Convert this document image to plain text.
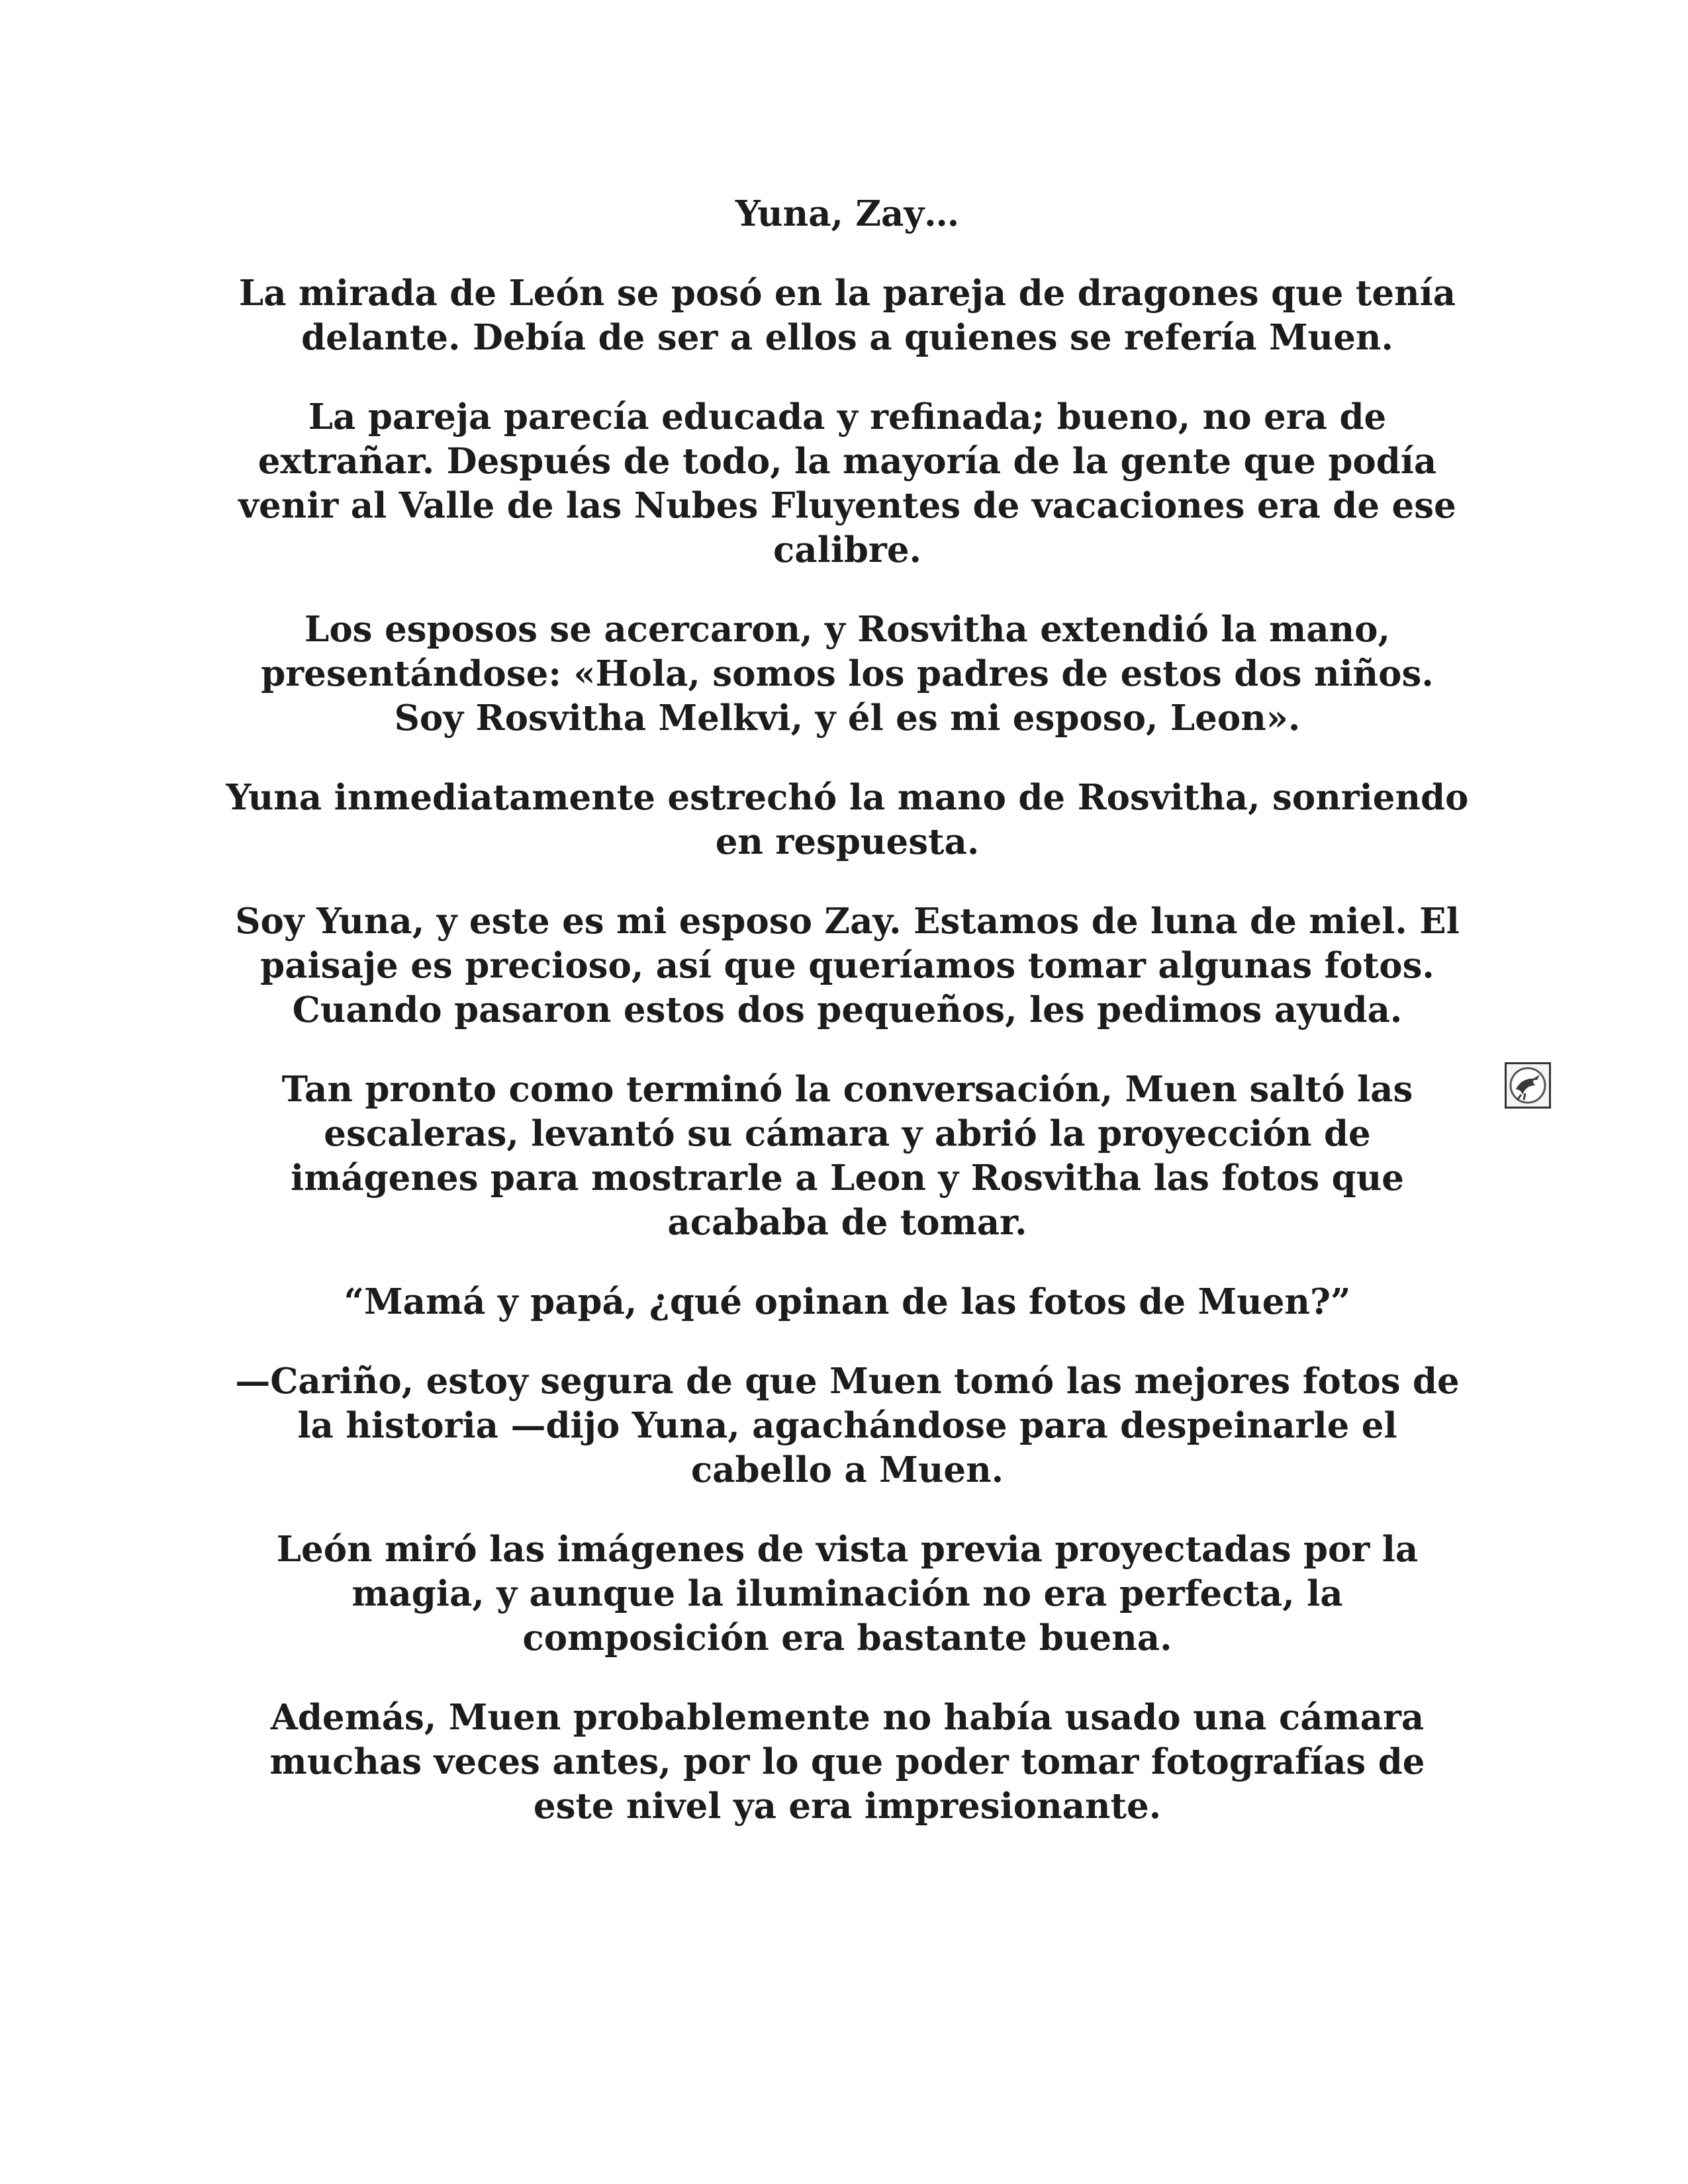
Yuna, Zay…

La mirada de León se posó en la pareja de dragones que tenía delante. Debía de ser a ellos a quienes se refería Muen.

La pareja parecía educada y refinada; bueno, no era de extrañar. Después de todo, la mayoría de la gente que podía venir al Valle de las Nubes Fluyentes de vacaciones era de ese calibre.

Los esposos se acercaron, y Rosvitha extendió la mano, presentándose: «Hola, somos los padres de estos dos niños. Soy Rosvitha Melkvi, y él es mi esposo, Leon».

Yuna inmediatamente estrechó la mano de Rosvitha, sonriendo en respuesta.

Soy Yuna, y este es mi esposo Zay. Estamos de luna de miel. El paisaje es precioso, así que queríamos tomar algunas fotos. Cuando pasaron estos dos pequeños, les pedimos ayuda.

Tan pronto como terminó la conversación, Muen saltó las escaleras, levantó su cámara y abrió la proyección de imágenes para mostrarle a Leon y Rosvitha las fotos que acababa de tomar.

“Mamá y papá, ¿qué opinan de las fotos de Muen?”

—Cariño, estoy segura de que Muen tomó las mejores fotos de la historia —dijo Yuna, agachándose para despeinarle el cabello a Muen.

León miró las imágenes de vista previa proyectadas por la magia, y aunque la iluminación no era perfecta, la composición era bastante buena.

Además, Muen probablemente no había usado una cámara muchas veces antes, por lo que poder tomar fotografías de este nivel ya era impresionante.
